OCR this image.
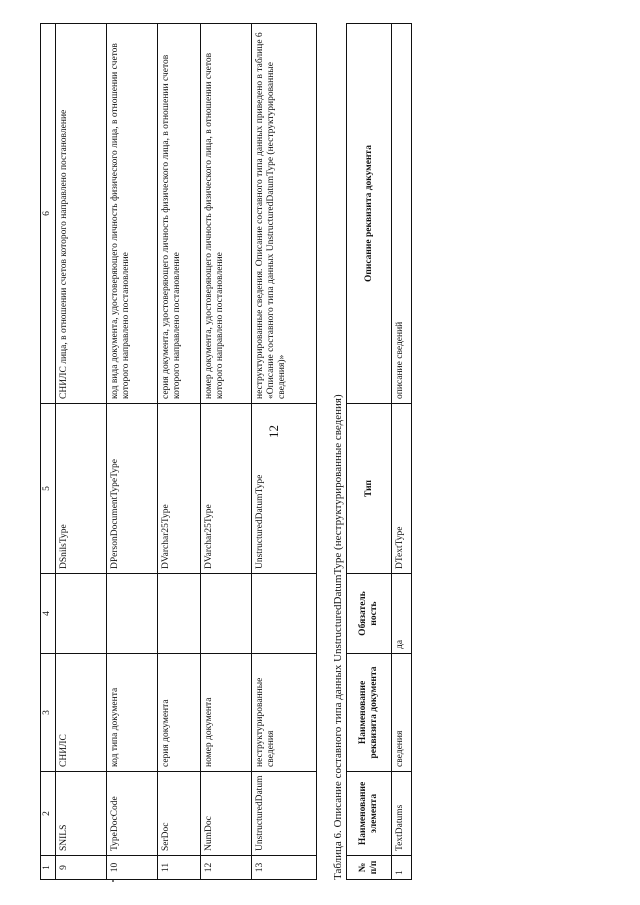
12
1	2	3	4	5	6
9	SNILS	СНИЛС		DSnilsType	СНИЛС лица, в отношении счетов которого направлено постановление
10	TypeDocCode	код типа документа		DPersonDocumentTypeType	код вида документа, удостоверяющего личность физического лица, в отношении счетов которого направлено постановление
11	SerDoc	серия документа		DVarchar25Type	серия документа, удостоверяющего личность физического лица, в отношении счетов которого направлено постановление
12	NumDoc	номер документа		DVarchar25Type	номер документа, удостоверяющего личность физического лица, в отношении счетов которого направлено постановление
13	UnstructuredDatum	неструктурированные сведения		UnstructuredDatumType	неструктурированные сведения. Описание составного типа данных приведено в таблице 6 «Описание составного типа данных UnstructuredDatumType (неструктурированные сведения)»
Таблица 6. Описание составного типа данных UnstructuredDatumType (неструктурированные сведения) № п/п	Наименование элемента	Наименование реквизита документа	Обязатель ность	Тип	Описание реквизита документа
1	TextDatums	сведения	да	DTextType	описание сведений
